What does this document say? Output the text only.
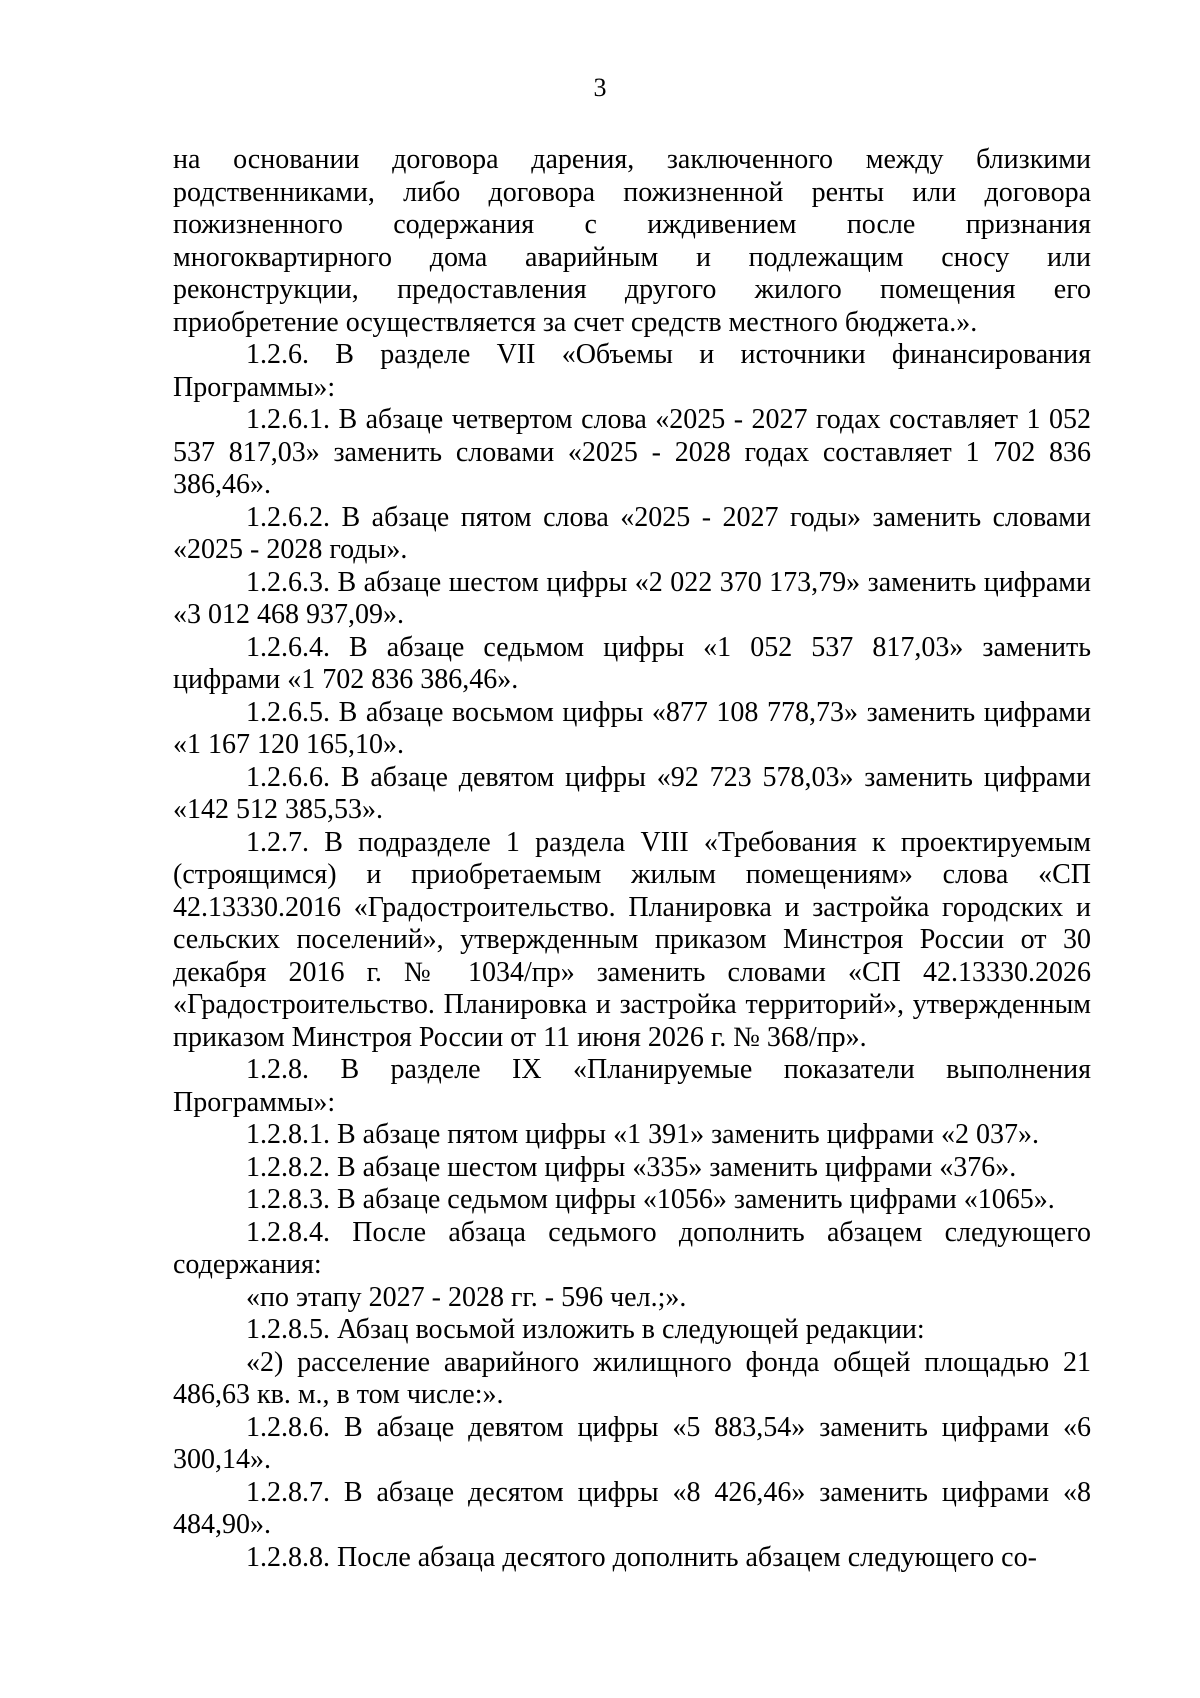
3

на основании договора дарения, заключенного между близкими родственниками, либо договора пожизненной ренты или договора пожизненного содержания с иждивением после признания многоквартирного дома аварийным и подлежащим сносу или реконструкции, предоставления другого жилого помещения его приобретение осуществляется за счет средств местного бюджета.».

1.2.6. В разделе VII «Объемы и источники финансирования Программы»:

1.2.6.1. В абзаце четвертом слова «2025 - 2027 годах составляет 1 052 537 817,03» заменить словами «2025 - 2028 годах составляет 1 702 836 386,46».

1.2.6.2. В абзаце пятом слова «2025 - 2027 годы» заменить словами «2025 - 2028 годы».

1.2.6.3. В абзаце шестом цифры «2 022 370 173,79» заменить цифрами «3 012 468 937,09».

1.2.6.4. В абзаце седьмом цифры «1 052 537 817,03» заменить цифрами «1 702 836 386,46».

1.2.6.5. В абзаце восьмом цифры «877 108 778,73» заменить цифрами «1 167 120 165,10».

1.2.6.6. В абзаце девятом цифры «92 723 578,03» заменить цифрами «142 512 385,53».

1.2.7. В подразделе 1 раздела VIII «Требования к проектируемым (строящимся) и приобретаемым жилым помещениям» слова «СП 42.13330.2016 «Градостроительство. Планировка и застройка городских и сельских поселений», утвержденным приказом Минстроя России от 30 декабря 2016 г. № 1034/пр» заменить словами «СП 42.13330.2026 «Градостроительство. Планировка и застройка территорий», утвержденным приказом Минстроя России от 11 июня 2026 г. № 368/пр».

1.2.8. В разделе IX «Планируемые показатели выполнения Программы»:

1.2.8.1. В абзаце пятом цифры «1 391» заменить цифрами «2 037».

1.2.8.2. В абзаце шестом цифры «335» заменить цифрами «376».

1.2.8.3. В абзаце седьмом цифры «1056» заменить цифрами «1065».

1.2.8.4. После абзаца седьмого дополнить абзацем следующего содержания:

«по этапу 2027 - 2028 гг. - 596 чел.;».

1.2.8.5. Абзац восьмой изложить в следующей редакции:

«2) расселение аварийного жилищного фонда общей площадью 21 486,63 кв. м., в том числе:».

1.2.8.6. В абзаце девятом цифры «5 883,54» заменить цифрами «6 300,14».

1.2.8.7. В абзаце десятом цифры «8 426,46» заменить цифрами «8 484,90».

1.2.8.8. После абзаца десятого дополнить абзацем следующего со-
